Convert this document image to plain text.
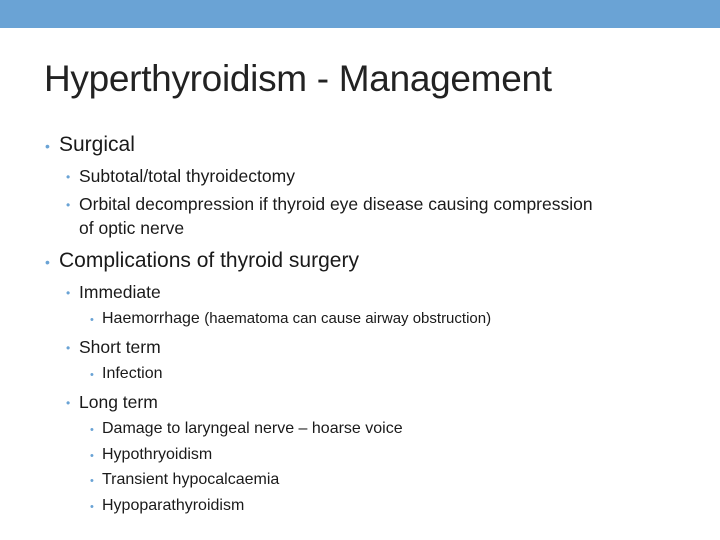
Hyperthyroidism - Management
• Surgical
• Subtotal/total thyroidectomy
• Orbital decompression if thyroid eye disease causing compression
of optic nerve
• Complications of thyroid surgery
• Immediate
• Haemorrhage (haematoma can cause airway obstruction)
• Short term
• Infection
• Long term
• Damage to laryngeal nerve – hoarse voice
• Hypothryoidism
• Transient hypocalcaemia
• Hypoparathyroidism
